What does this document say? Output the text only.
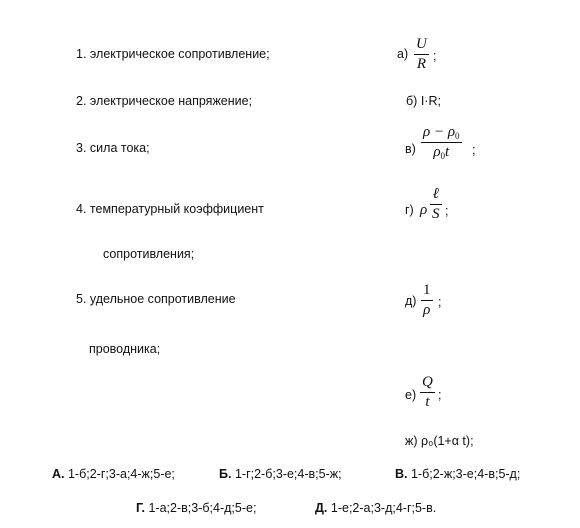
1. электрическое сопротивление;
2. электрическое напряжение;
3. сила тока;
4. температурный коэффициент
сопротивления;
5. удельное сопротивление
проводника;
а)
U
R ;
б) I·R;
в)
$\rho - \rho_0$
$\rho_0t$	;
г) ρ
ℓ
S ;
д)
1
ρ ;
е)
Q
t ;
ж) ρ₀(1+α t);
А. 1-б;2-г;3-а;4-ж;5-е;	Б. 1-г;2-б;3-е;4-в;5-ж;	В. 1-б;2-ж;3-е;4-в;5-д;
Г. 1-а;2-в;3-б;4-д;5-е;	Д. 1-е;2-а;3-д;4-г;5-в.
